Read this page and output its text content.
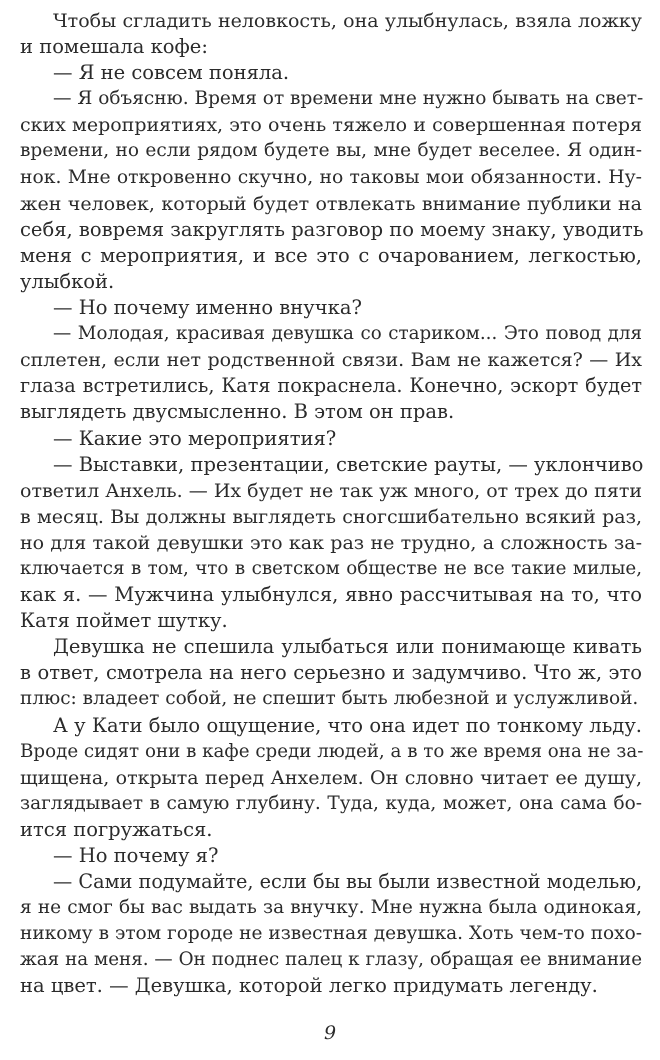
Чтобы сгладить неловкость, она улыбнулась, взяла ложку
и помешала кофе:
— Я не совсем поняла.
— Я объясню. Время от времени мне нужно бывать на свет-
ских мероприятиях, это очень тяжело и совершенная потеря
времени, но если рядом будете вы, мне будет веселее. Я один-
нок. Мне откровенно скучно, но таковы мои обязанности. Ну-
жен человек, который будет отвлекать внимание публики на
себя, вовремя закруглять разговор по моему знаку, уводить
меня с мероприятия, и все это с очарованием, легкостью,
улыбкой.
— Но почему именно внучка?
— Молодая, красивая девушка со стариком... Это повод для
сплетен, если нет родственной связи. Вам не кажется? — Их
глаза встретились, Катя покраснела. Конечно, эскорт будет
выглядеть двусмысленно. В этом он прав.
— Какие это мероприятия?
— Выставки, презентации, светские рауты, — уклончиво
ответил Анхель. — Их будет не так уж много, от трех до пяти
в месяц. Вы должны выглядеть сногсшибательно всякий раз,
но для такой девушки это как раз не трудно, а сложность за-
ключается в том, что в светском обществе не все такие милые,
как я. — Мужчина улыбнулся, явно рассчитывая на то, что
Катя поймет шутку.
Девушка не спешила улыбаться или понимающе кивать
в ответ, смотрела на него серьезно и задумчиво. Что ж, это
плюс: владеет собой, не спешит быть любезной и услужливой.
А у Кати было ощущение, что она идет по тонкому льду.
Вроде сидят они в кафе среди людей, а в то же время она не за-
щищена, открыта перед Анхелем. Он словно читает ее душу,
заглядывает в самую глубину. Туда, куда, может, она сама бо-
ится погружаться.
— Но почему я?
— Сами подумайте, если бы вы были известной моделью,
я не смог бы вас выдать за внучку. Мне нужна была одинокая,
никому в этом городе не известная девушка. Хоть чем-то похо-
жая на меня. — Он поднес палец к глазу, обращая ее внимание
на цвет. — Девушка, которой легко придумать легенду.
9
